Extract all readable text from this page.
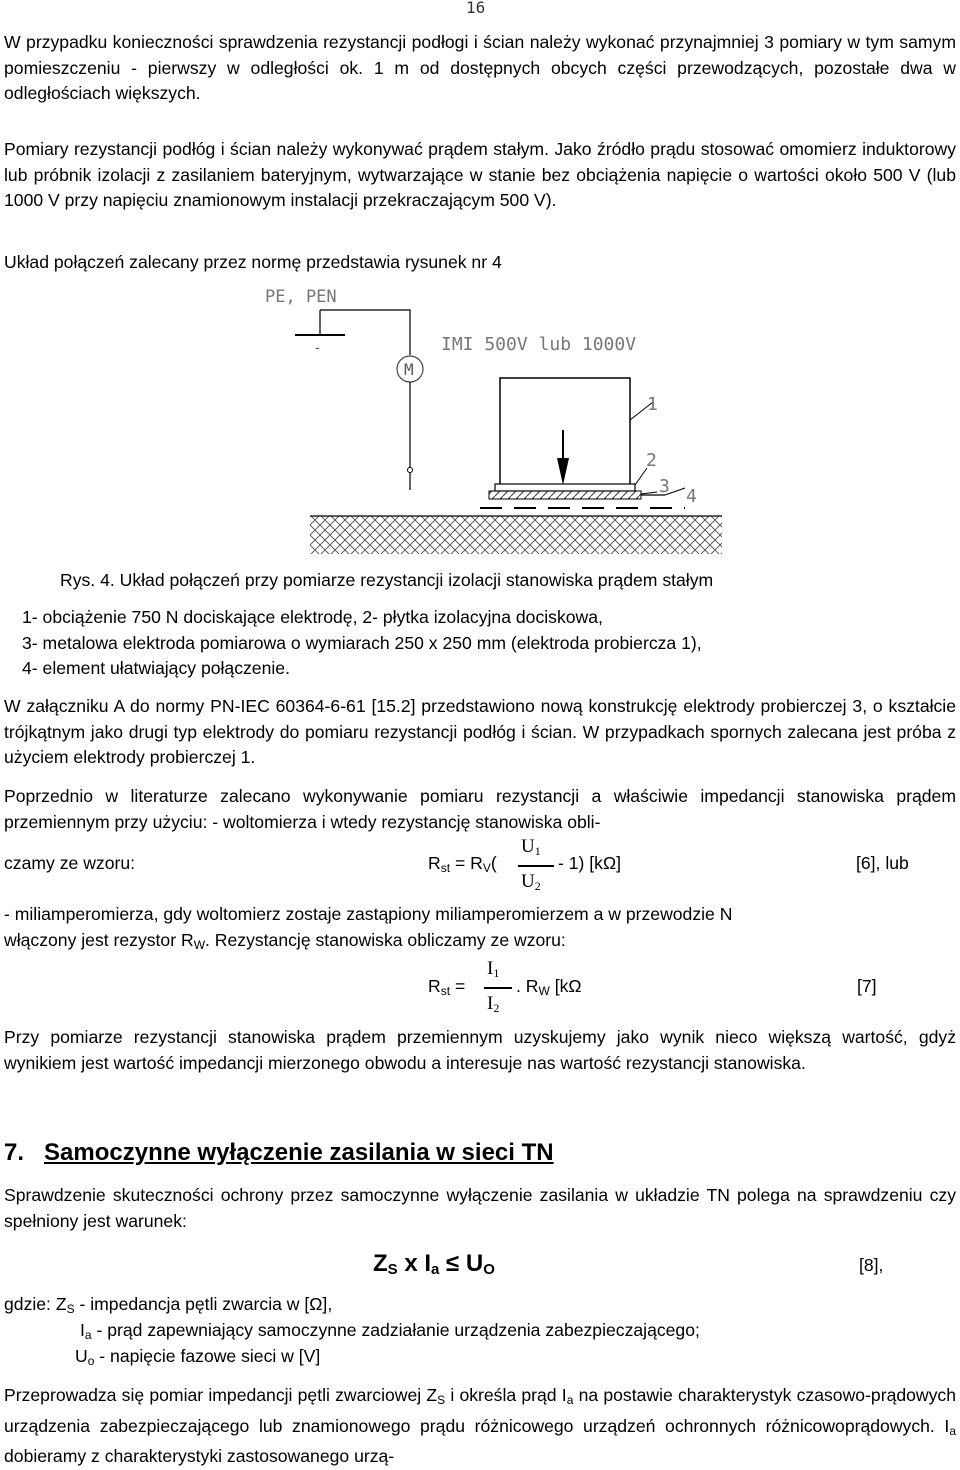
16
W przypadku konieczności sprawdzenia rezystancji podłogi i ścian należy wykonać przynajmniej 3 pomiary w tym samym pomieszczeniu - pierwszy w odległości ok. 1 m od dostępnych obcych części przewodzących, pozostałe dwa w odległościach większych.
Pomiary rezystancji podłóg i ścian należy wykonywać prądem stałym. Jako źródło prądu stosować omomierz induktorowy lub próbnik izolacji z zasilaniem bateryjnym, wytwarzające w stanie bez obciążenia napięcie o wartości około 500 V (lub 1000 V przy napięciu znamionowym instalacji przekraczającym 500 V).
Układ połączeń zalecany przez normę przedstawia rysunek nr 4
PE, PEN
-
M
IMI 500V lub 1000V
1
2
3 4
Rys. 4. Układ połączeń przy pomiarze rezystancji izolacji stanowiska prądem stałym
1- obciążenie 750 N dociskające elektrodę, 2- płytka izolacyjna dociskowa,
3- metalowa elektroda pomiarowa o wymiarach 250 x 250 mm (elektroda probiercza 1),
4- element ułatwiający połączenie.
W załączniku A do normy PN-IEC 60364-6-61 [15.2] przedstawiono nową konstrukcję elektrody probierczej 3, o kształcie trójkątnym jako drugi typ elektrody do pomiaru rezystancji podłóg i ścian. W przypadkach spornych zalecana jest próba z użyciem elektrody probierczej 1.
Poprzednio w literaturze zalecano wykonywanie pomiaru rezystancji a właściwie impedancji stanowiska prądem przemiennym przy użyciu: - woltomierza i wtedy rezystancję stanowiska obli-
czamy ze wzoru:	$R_{st} = R_V$(
$U_1$
$U_2$
- 1) [kΩ]	[6], lub
- miliamperomierza, gdy woltomierz zostaje zastąpiony miliamperomierzem a w przewodzie N
włączony jest rezystor $R_W$. Rezystancję stanowiska obliczamy ze wzoru:
$R_{st}$ =
$I_1$
$I_2$
. $R_W$ [kΩ	[7]
Przy pomiarze rezystancji stanowiska prądem przemiennym uzyskujemy jako wynik nieco większą wartość, gdyż wynikiem jest wartość impedancji mierzonego obwodu a interesuje nas wartość rezystancji stanowiska.
7. Samoczynne wyłączenie zasilania w sieci TN
Sprawdzenie skuteczności ochrony przez samoczynne wyłączenie zasilania w układzie TN polega na sprawdzeniu czy spełniony jest warunek:
$Z_S$ x $I_a \le U_O$	[8],
gdzie: $Z_S$ - impedancja pętli zwarcia w [Ω],
$I_a$ - prąd zapewniający samoczynne zadziałanie urządzenia zabezpieczającego;
$U_o$ - napięcie fazowe sieci w [V]
Przeprowadza się pomiar impedancji pętli zwarciowej $Z_S$ i określa prąd $I_a$ na postawie charakterystyk czasowo-prądowych urządzenia zabezpieczającego lub znamionowego prądu różnicowego urządzeń ochronnych różnicowoprądowych. $I_a$ dobieramy z charakterystyki zastosowanego urzą-
